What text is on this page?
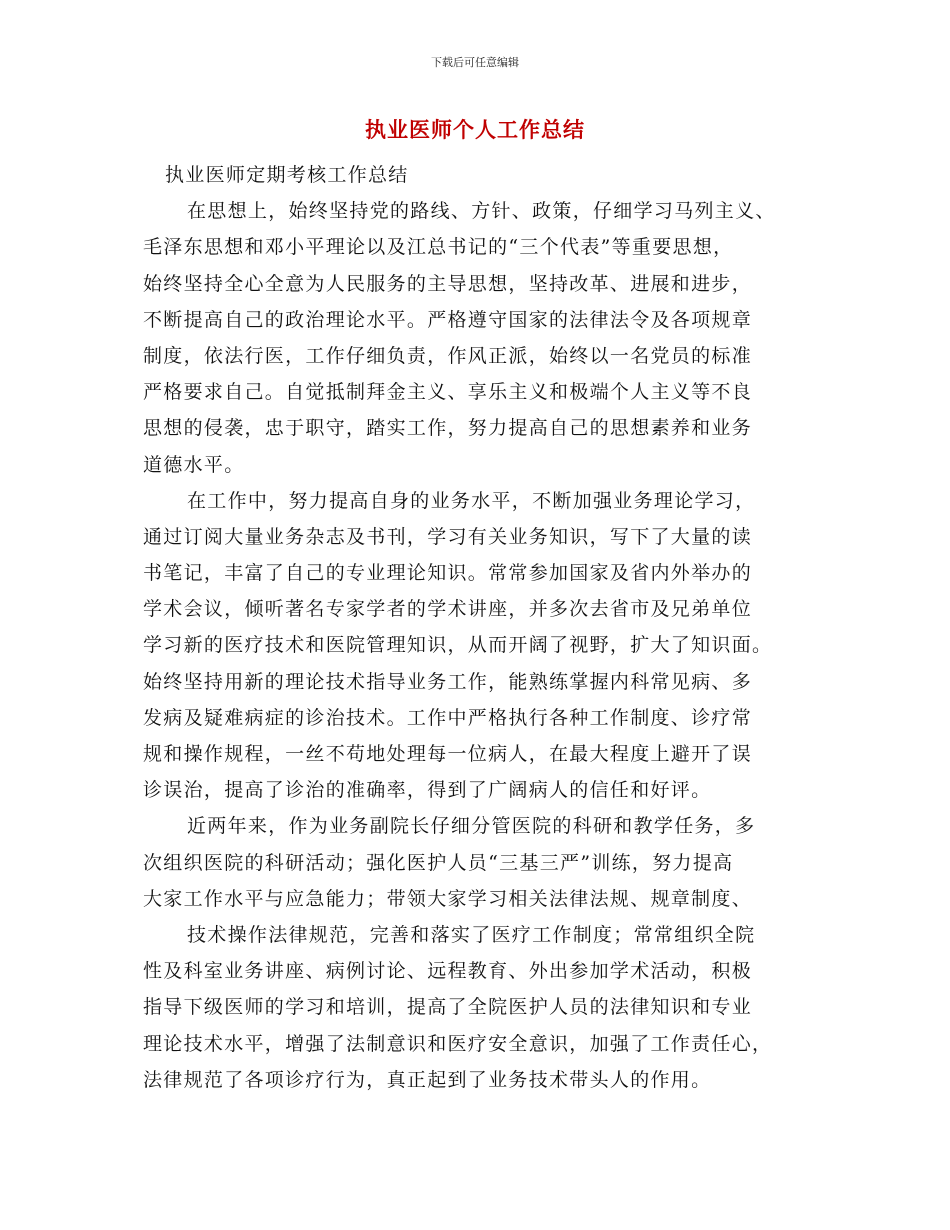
下载后可任意编辑
执业医师个人工作总结
执业医师定期考核工作总结
在思想上，始终坚持党的路线、方针、政策，仔细学习马列主义、
毛泽东思想和邓小平理论以及江总书记的“三个代表”等重要思想，
始终坚持全心全意为人民服务的主导思想，坚持改革、进展和进步，
不断提高自己的政治理论水平。严格遵守国家的法律法令及各项规章
制度，依法行医，工作仔细负责，作风正派，始终以一名党员的标准
严格要求自己。自觉抵制拜金主义、享乐主义和极端个人主义等不良
思想的侵袭，忠于职守，踏实工作，努力提高自己的思想素养和业务
道德水平。
在工作中，努力提高自身的业务水平，不断加强业务理论学习，
通过订阅大量业务杂志及书刊，学习有关业务知识，写下了大量的读
书笔记，丰富了自己的专业理论知识。常常参加国家及省内外举办的
学术会议，倾听著名专家学者的学术讲座，并多次去省市及兄弟单位
学习新的医疗技术和医院管理知识，从而开阔了视野，扩大了知识面。
始终坚持用新的理论技术指导业务工作，能熟练掌握内科常见病、多
发病及疑难病症的诊治技术。工作中严格执行各种工作制度、诊疗常
规和操作规程，一丝不苟地处理每一位病人，在最大程度上避开了误
诊误治，提高了诊治的准确率，得到了广阔病人的信任和好评。
近两年来，作为业务副院长仔细分管医院的科研和教学任务，多
次组织医院的科研活动；强化医护人员“三基三严”训练，努力提高
大家工作水平与应急能力；带领大家学习相关法律法规、规章制度、
技术操作法律规范，完善和落实了医疗工作制度；常常组织全院
性及科室业务讲座、病例讨论、远程教育、外出参加学术活动，积极
指导下级医师的学习和培训，提高了全院医护人员的法律知识和专业
理论技术水平，增强了法制意识和医疗安全意识，加强了工作责任心，
法律规范了各项诊疗行为，真正起到了业务技术带头人的作用。
